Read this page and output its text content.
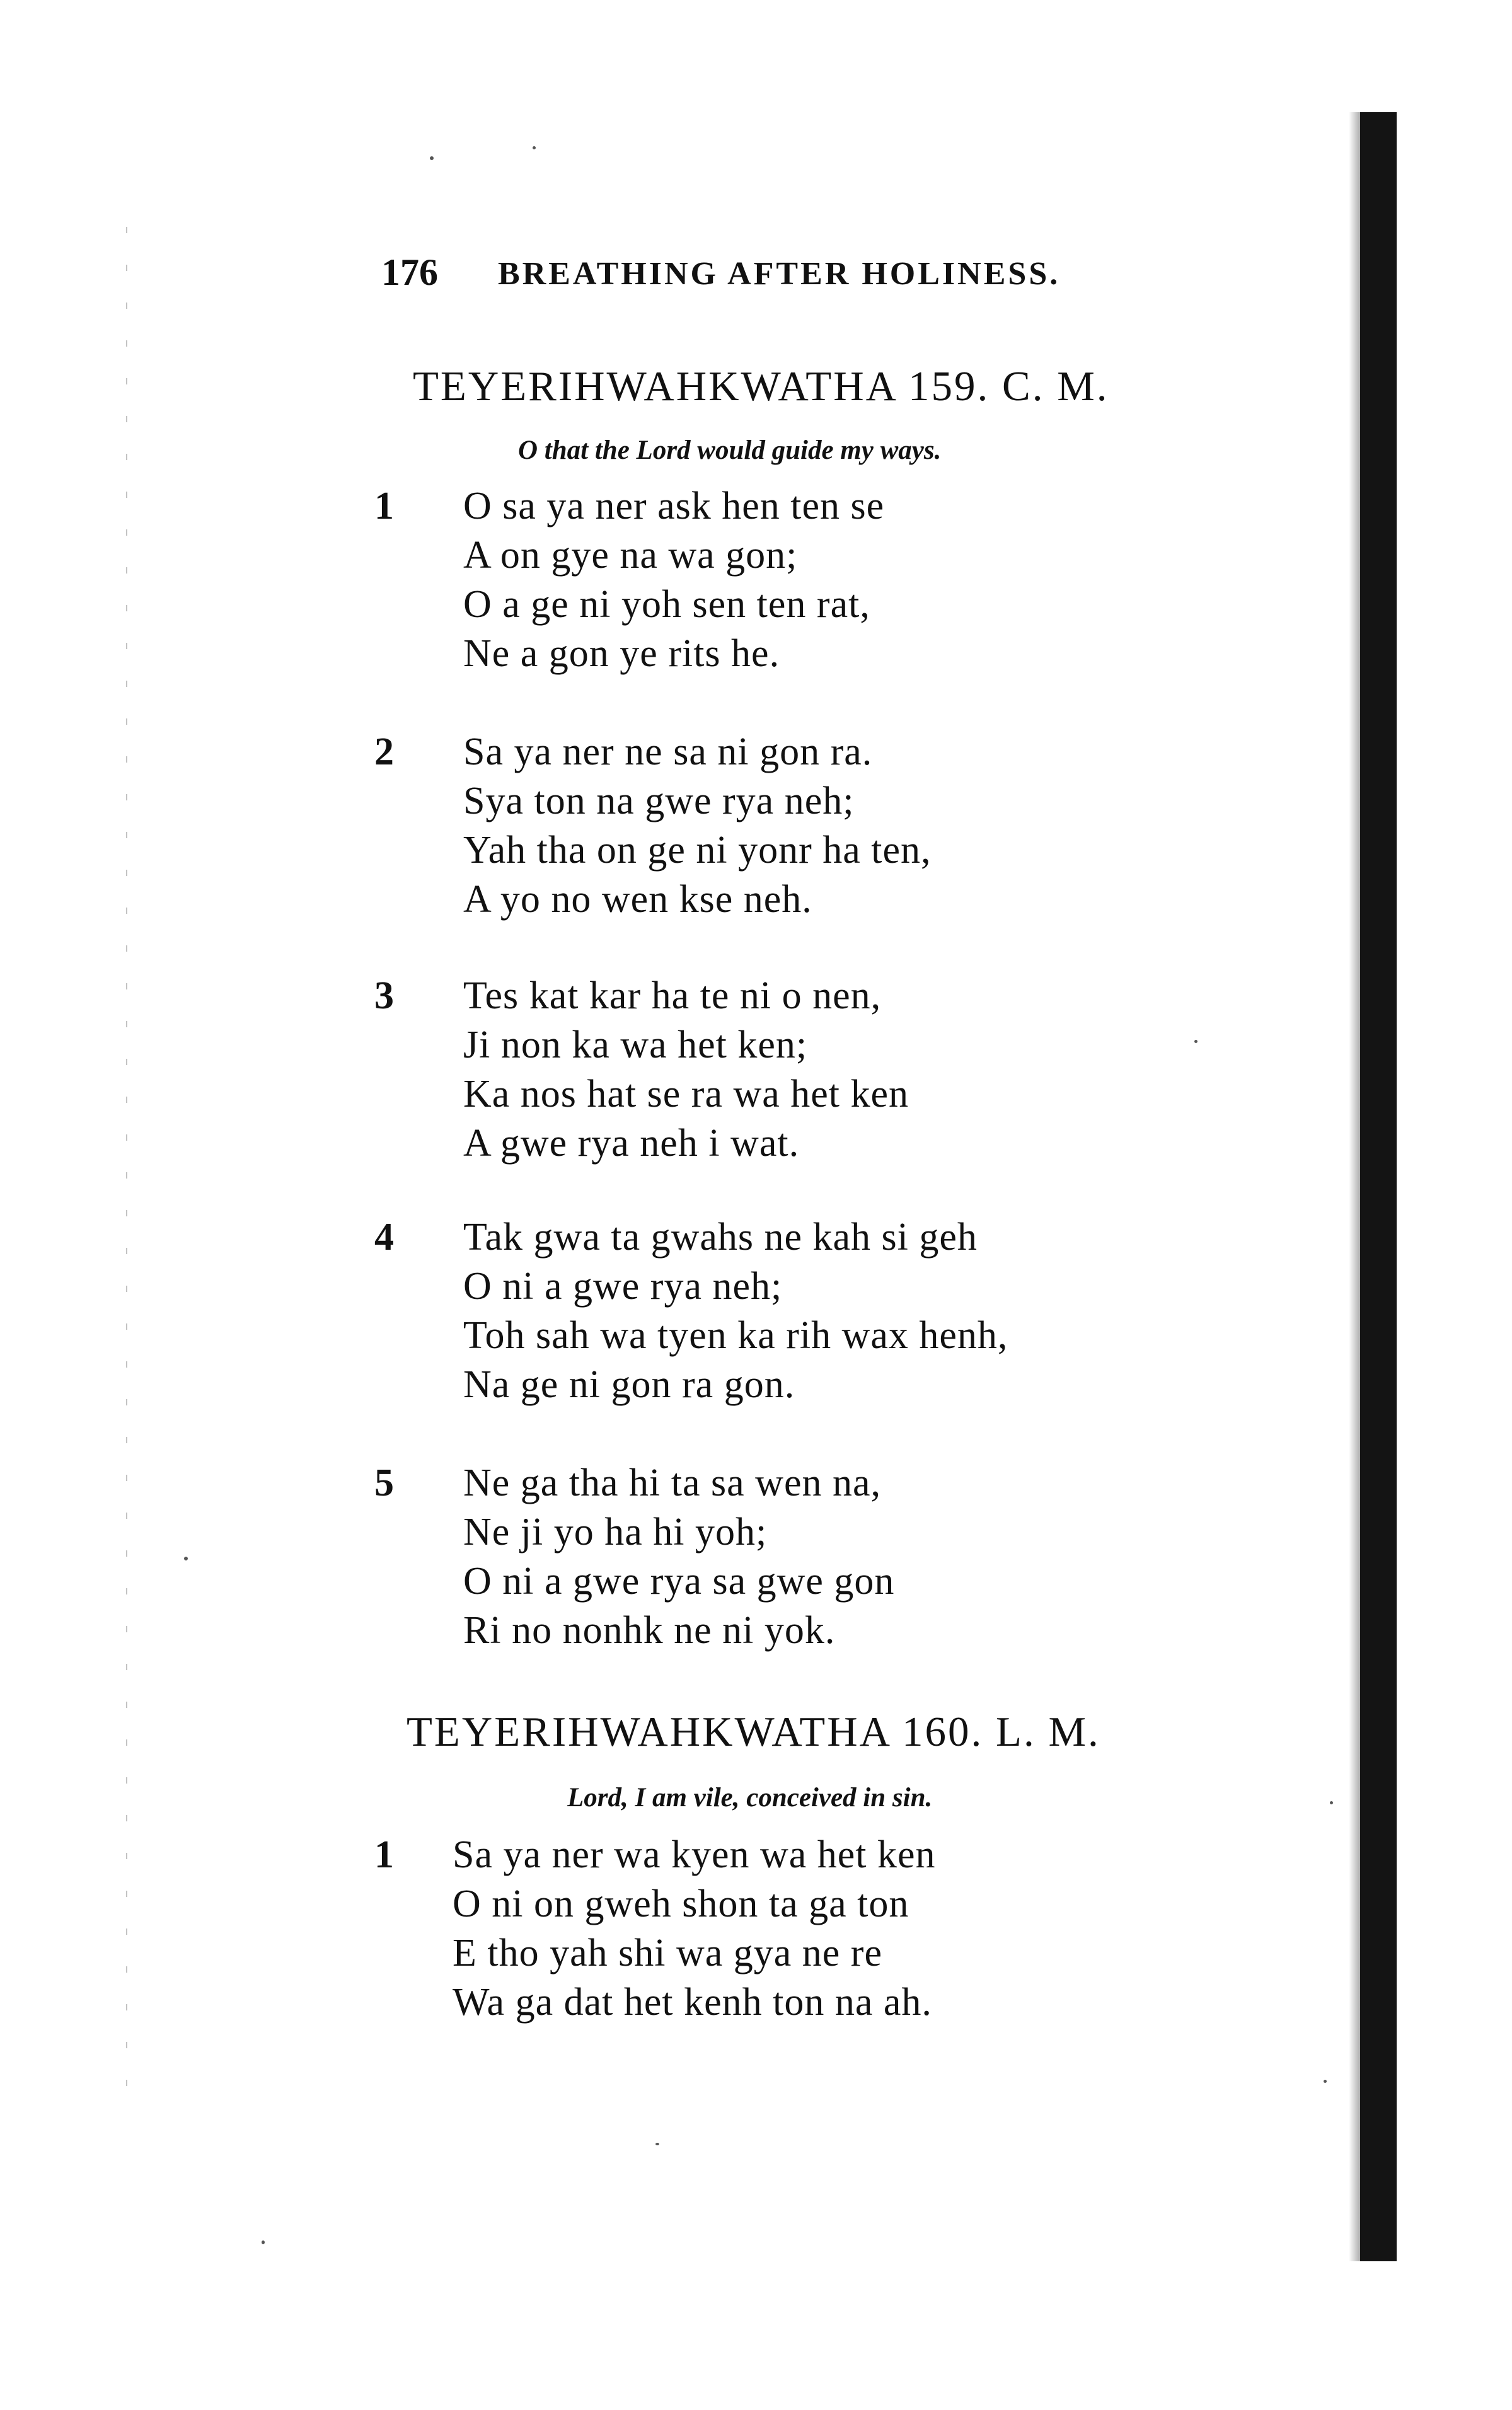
176 BREATHING AFTER HOLINESS.
TEYERIHWAHKWATHA 159. C. M.
O that the Lord would guide my ways.
1 O sa ya ner ask hen ten se
A on gye na wa gon;
O a ge ni yoh sen ten rat,
Ne a gon ye rits he.
2 Sa ya ner ne sa ni gon ra.
Sya ton na gwe rya neh;
Yah tha on ge ni yonr ha ten,
A yo no wen kse neh.
3 Tes kat kar ha te ni o nen,
Ji non ka wa het ken;
Ka nos hat se ra wa het ken
A gwe rya neh i wat.
4 Tak gwa ta gwahs ne kah si geh
O ni a gwe rya neh;
Toh sah wa tyen ka rih wax henh,
Na ge ni gon ra gon.
5 Ne ga tha hi ta sa wen na,
Ne ji yo ha hi yoh;
O ni a gwe rya sa gwe gon
Ri no nonhk ne ni yok.
TEYERIHWAHKWATHA 160. L. M.
Lord, I am vile, conceived in sin.
1 Sa ya ner wa kyen wa het ken
O ni on gweh shon ta ga ton
E tho yah shi wa gya ne re
Wa ga dat het kenh ton na ah.
